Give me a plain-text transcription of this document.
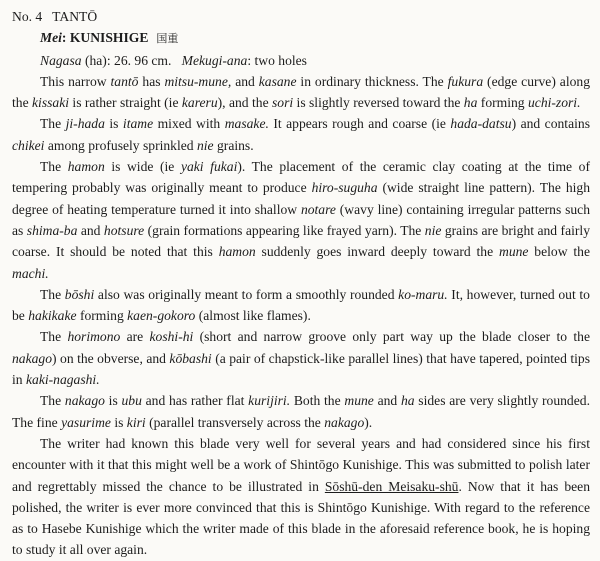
No. 4 TANTŌ

Mei: KUNISHIGE 国重

Nagasa (ha): 26. 96 cm. Mekugi-ana: two holes

This narrow tantō has mitsu-mune, and kasane in ordinary thickness. The fukura (edge curve) along the kissaki is rather straight (ie kareru), and the sori is slightly reversed toward the ha forming uchi-zori.

The ji-hada is itame mixed with masake. It appears rough and coarse (ie hada-datsu) and contains chikei among profusely sprinkled nie grains.

The hamon is wide (ie yaki fukai). The placement of the ceramic clay coating at the time of tempering probably was originally meant to produce hiro-suguha (wide straight line pattern). The high degree of heating temperature turned it into shallow notare (wavy line) containing irregular patterns such as shima-ba and hotsure (grain formations appearing like frayed yarn). The nie grains are bright and fairly coarse. It should be noted that this hamon suddenly goes inward deeply toward the mune below the machi.

The bōshi also was originally meant to form a smoothly rounded ko-maru. It, however, turned out to be hakikake forming kaen-gokoro (almost like flames).

The horimono are koshi-hi (short and narrow groove only part way up the blade closer to the nakago) on the obverse, and kōbashi (a pair of chapstick-like parallel lines) that have tapered, pointed tips in kaki-nagashi.

The nakago is ubu and has rather flat kurijiri. Both the mune and ha sides are very slightly rounded. The fine yasurime is kiri (parallel transversely across the nakago).

The writer had known this blade very well for several years and had considered since his first encounter with it that this might well be a work of Shintōgo Kunishige. This was submitted to polish later and regrettably missed the chance to be illustrated in Sōshū-den Meisaku-shū. Now that it has been polished, the writer is ever more convinced that this is Shintōgo Kunishige. With regard to the reference as to Hasebe Kunishige which the writer made of this blade in the aforesaid reference book, he is hoping to study it all over again.
